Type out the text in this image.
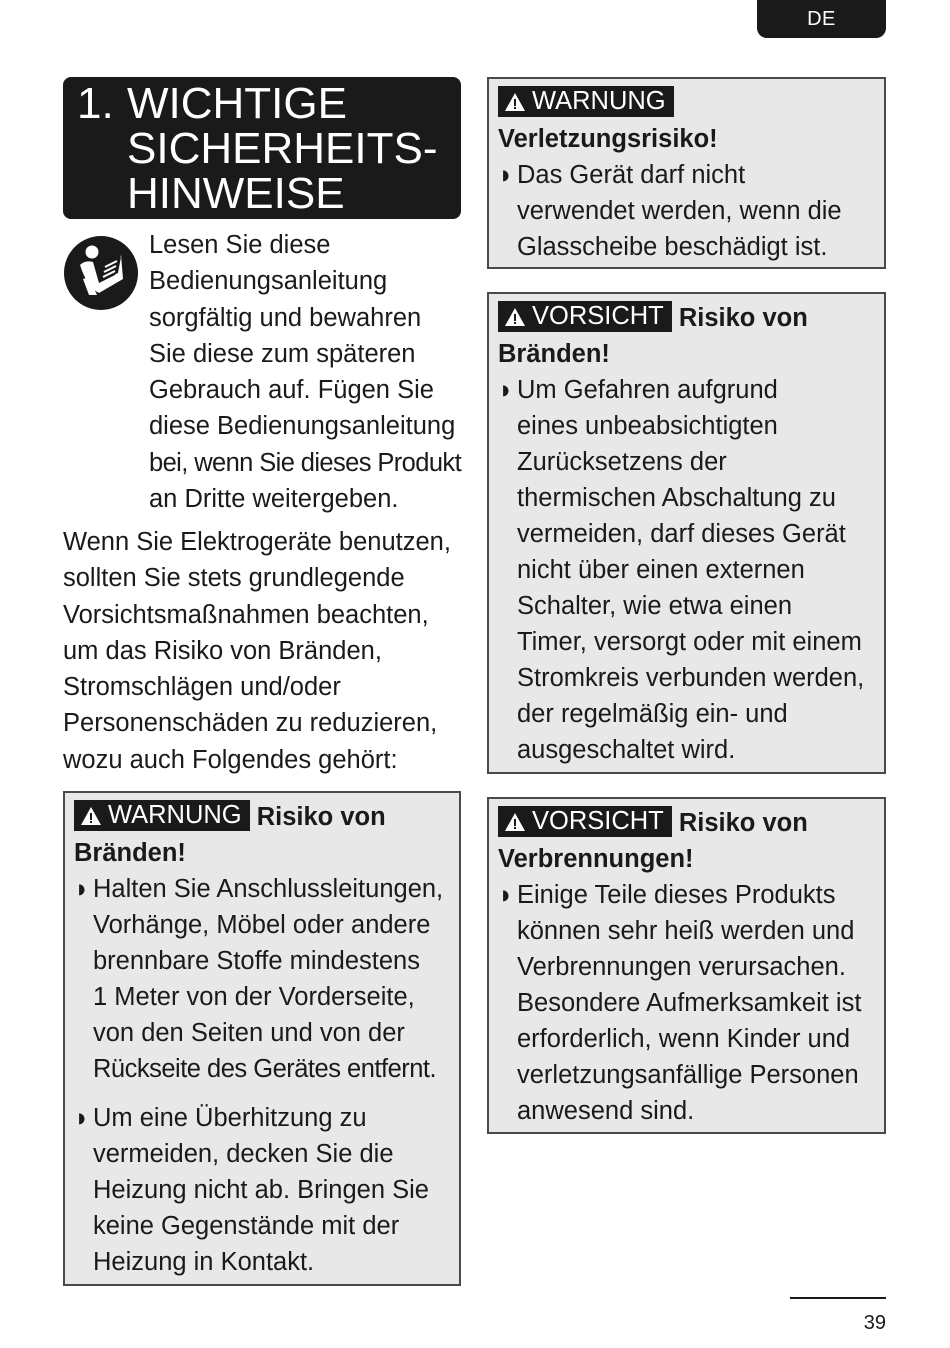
DE
1. WICHTIGE
SICHERHEITS-
HINWEISE
Lesen Sie diese
Bedienungsanleitung
sorgfältig und bewahren
Sie diese zum späteren
Gebrauch auf. Fügen Sie
diese Bedienungsanleitung
bei, wenn Sie dieses Produkt
an Dritte weitergeben.
Wenn Sie Elektrogeräte benutzen,
sollten Sie stets grundlegende
Vorsichtsmaßnahmen beachten,
um das Risiko von Bränden,
Stromschlägen und/oder
Personenschäden zu reduzieren,
wozu auch Folgendes gehört:
WARNUNG Risiko von
Bränden!
◗ Halten Sie Anschlussleitungen,
Vorhänge, Möbel oder andere
brennbare Stoffe mindestens
1 Meter von der Vorderseite,
von den Seiten und von der
Rückseite des Gerätes entfernt.
◗ Um eine Überhitzung zu
vermeiden, decken Sie die
Heizung nicht ab. Bringen Sie
keine Gegenstände mit der
Heizung in Kontakt.
WARNUNG
Verletzungsrisiko!
◗ Das Gerät darf nicht
verwendet werden, wenn die
Glasscheibe beschädigt ist.
VORSICHT Risiko von
Bränden!
◗ Um Gefahren aufgrund
eines unbeabsichtigten
Zurücksetzens der
thermischen Abschaltung zu
vermeiden, darf dieses Gerät
nicht über einen externen
Schalter, wie etwa einen
Timer, versorgt oder mit einem
Stromkreis verbunden werden,
der regelmäßig ein- und
ausgeschaltet wird.
VORSICHT Risiko von
Verbrennungen!
◗ Einige Teile dieses Produkts
können sehr heiß werden und
Verbrennungen verursachen.
Besondere Aufmerksamkeit ist
erforderlich, wenn Kinder und
verletzungsanfällige Personen
anwesend sind.
39
